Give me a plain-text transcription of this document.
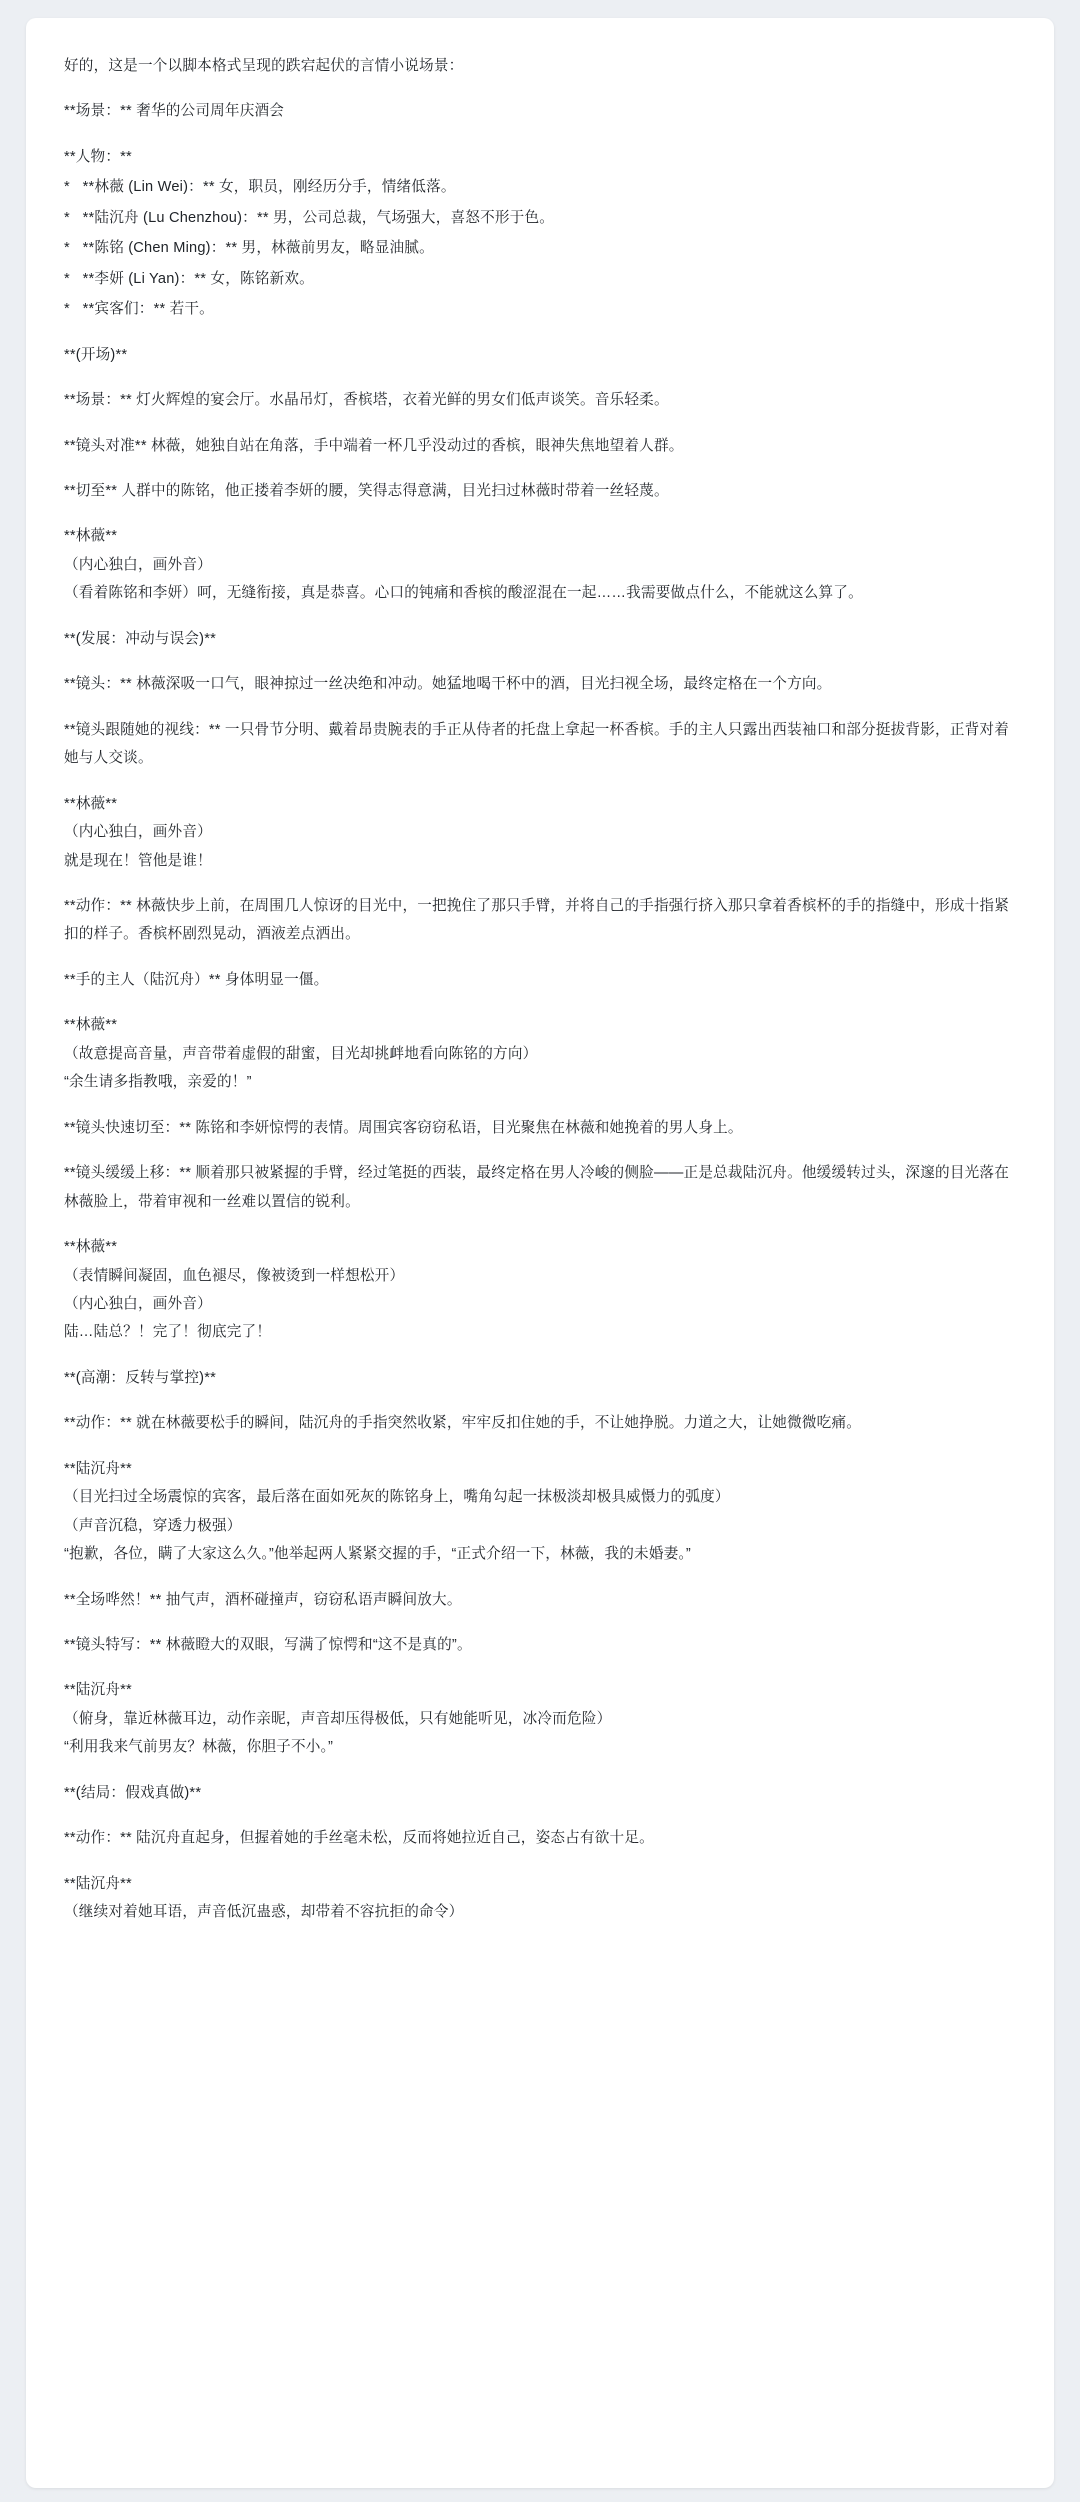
好的，这是一个以脚本格式呈现的跌宕起伏的言情小说场景：

**场景：** 奢华的公司周年庆酒会

**人物：**

*   **林薇 (Lin Wei)：** 女，职员，刚经历分手，情绪低落。

*   **陆沉舟 (Lu Chenzhou)：** 男，公司总裁，气场强大，喜怒不形于色。

*   **陈铭 (Chen Ming)：** 男，林薇前男友，略显油腻。

*   **李妍 (Li Yan)：** 女，陈铭新欢。

*   **宾客们：** 若干。

**(开场)**

**场景：** 灯火辉煌的宴会厅。水晶吊灯，香槟塔，衣着光鲜的男女们低声谈笑。音乐轻柔。

**镜头对准** 林薇，她独自站在角落，手中端着一杯几乎没动过的香槟，眼神失焦地望着人群。

**切至** 人群中的陈铭，他正搂着李妍的腰，笑得志得意满，目光扫过林薇时带着一丝轻蔑。

**林薇**

（内心独白，画外音）

（看着陈铭和李妍）呵，无缝衔接，真是恭喜。心口的钝痛和香槟的酸涩混在一起……我需要做点什么，不能就这么算了。

**(发展：冲动与误会)**

**镜头：** 林薇深吸一口气，眼神掠过一丝决绝和冲动。她猛地喝干杯中的酒，目光扫视全场，最终定格在一个方向。

**镜头跟随她的视线：** 一只骨节分明、戴着昂贵腕表的手正从侍者的托盘上拿起一杯香槟。手的主人只露出西装袖口和部分挺拔背影，正背对着她与人交谈。

**林薇**

（内心独白，画外音）

就是现在！管他是谁！

**动作：** 林薇快步上前，在周围几人惊讶的目光中，一把挽住了那只手臂，并将自己的手指强行挤入那只拿着香槟杯的手的指缝中，形成十指紧扣的样子。香槟杯剧烈晃动，酒液差点洒出。

**手的主人（陆沉舟）** 身体明显一僵。

**林薇**

（故意提高音量，声音带着虚假的甜蜜，目光却挑衅地看向陈铭的方向）

“余生请多指教哦，亲爱的！”

**镜头快速切至：** 陈铭和李妍惊愕的表情。周围宾客窃窃私语，目光聚焦在林薇和她挽着的男人身上。

**镜头缓缓上移：** 顺着那只被紧握的手臂，经过笔挺的西装，最终定格在男人冷峻的侧脸——正是总裁陆沉舟。他缓缓转过头，深邃的目光落在林薇脸上，带着审视和一丝难以置信的锐利。

**林薇**

（表情瞬间凝固，血色褪尽，像被烫到一样想松开）

（内心独白，画外音）

陆…陆总？！完了！彻底完了！

**(高潮：反转与掌控)**

**动作：** 就在林薇要松手的瞬间，陆沉舟的手指突然收紧，牢牢反扣住她的手，不让她挣脱。力道之大，让她微微吃痛。

**陆沉舟**

（目光扫过全场震惊的宾客，最后落在面如死灰的陈铭身上，嘴角勾起一抹极淡却极具威慑力的弧度）

（声音沉稳，穿透力极强）

“抱歉，各位，瞒了大家这么久。”他举起两人紧紧交握的手，“正式介绍一下，林薇，我的未婚妻。”

**全场哗然！** 抽气声，酒杯碰撞声，窃窃私语声瞬间放大。

**镜头特写：** 林薇瞪大的双眼，写满了惊愕和“这不是真的”。

**陆沉舟**

（俯身，靠近林薇耳边，动作亲昵，声音却压得极低，只有她能听见，冰冷而危险）

“利用我来气前男友？林薇，你胆子不小。”

**(结局：假戏真做)**

**动作：** 陆沉舟直起身，但握着她的手丝毫未松，反而将她拉近自己，姿态占有欲十足。

**陆沉舟**

（继续对着她耳语，声音低沉蛊惑，却带着不容抗拒的命令）
